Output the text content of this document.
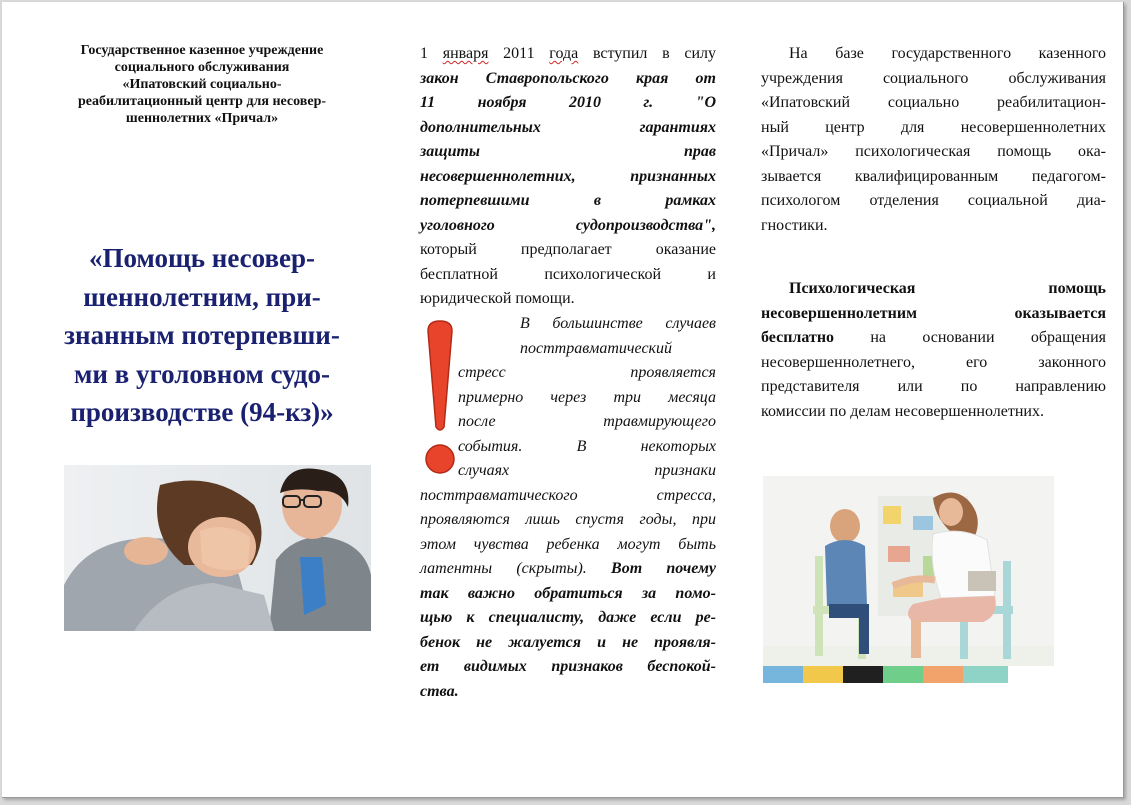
Государственное казенное учреждение
социального обслуживания
«Ипатовский социально-
реабилитационный центр для несовер-
шеннолетних «Причал»
«Помощь несовер-
шеннолетним, при-
знанным потерпевши-
ми в уголовном судо-
производстве (94-кз)»
1 января 2011 года вступил в силу
закон Ставропольского края от
11 ноября 2010 г. "О
дополнительных гарантиях
защиты прав
несовершеннолетних, признанных
потерпевшими в рамках
уголовного судопроизводства",
который предполагает оказание
бесплатной психологической и
юридической помощи.
В большинстве случаев
посттравматический
стресс проявляется
примерно через три месяца
после травмирующего
события. В некоторых
случаях признаки
посттравматического стресса,
проявляются лишь спустя годы, при
этом чувства ребенка могут быть
латентны (скрыты). Вот почему
так важно обратиться за помо-
щью к специалисту, даже если ре-
бенок не жалуется и не проявля-
ет видимых признаков беспокой-
ства.
На базе государственного казенного
учреждения социального обслуживания
«Ипатовский социально реабилитацион-
ный центр для несовершеннолетних
«Причал» психологическая помощь ока-
зывается квалифицированным педагогом-
психологом отделения социальной диа-
гностики.
Психологическая помощь
несовершеннолетним оказывается
бесплатно на основании обращения
несовершеннолетнего, его законного
представителя или по направлению
комиссии по делам несовершеннолетних.
